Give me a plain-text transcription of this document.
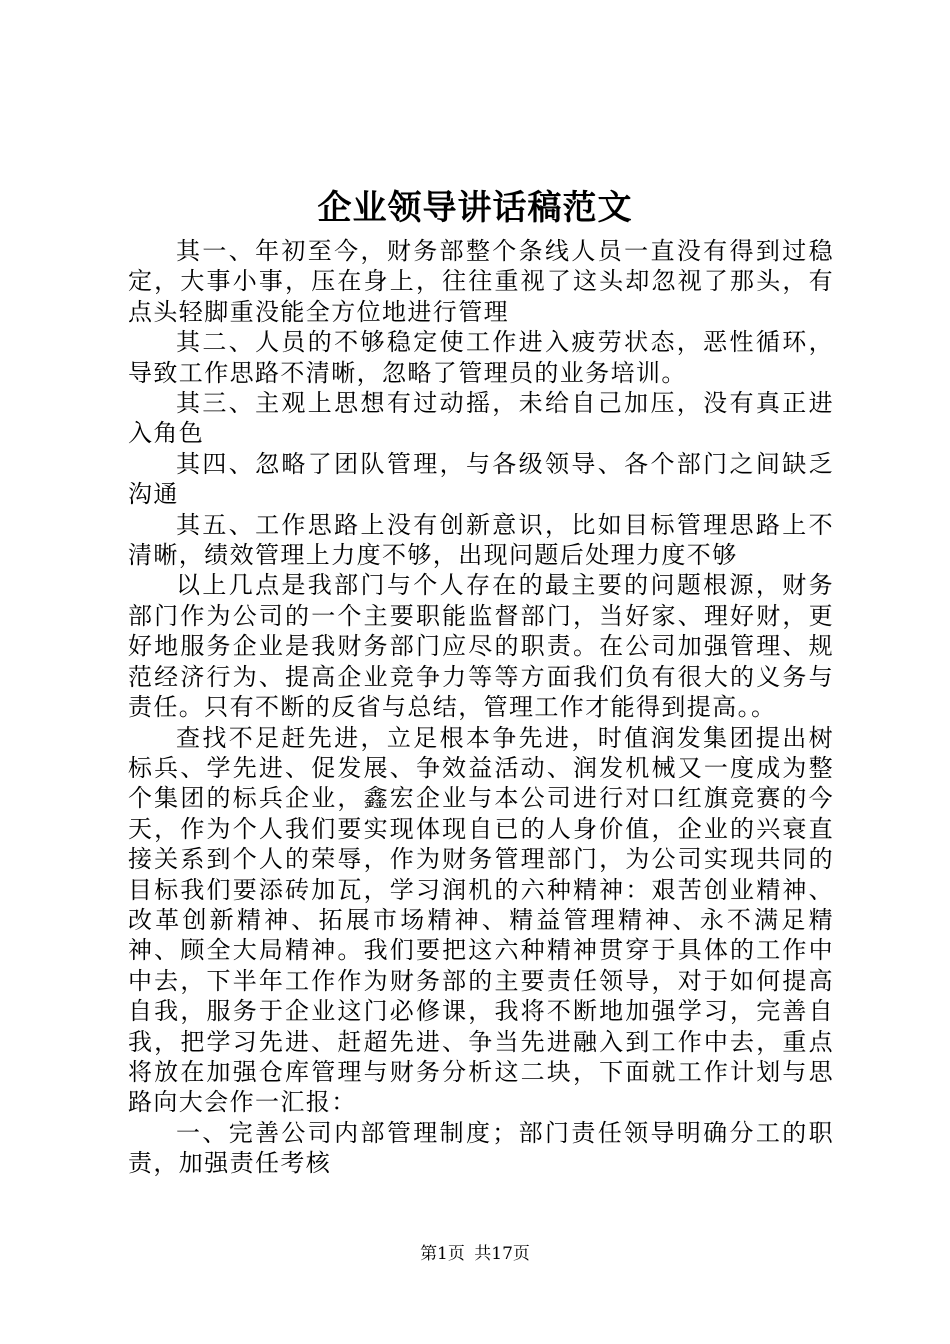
企业领导讲话稿范文

其一、年初至今，财务部整个条线人员一直没有得到过稳定，大事小事，压在身上，往往重视了这头却忽视了那头，有点头轻脚重没能全方位地进行管理

其二、人员的不够稳定使工作进入疲劳状态，恶性循环，导致工作思路不清晰，忽略了管理员的业务培训。

其三、主观上思想有过动摇，未给自己加压，没有真正进入角色

其四、忽略了团队管理，与各级领导、各个部门之间缺乏沟通

其五、工作思路上没有创新意识，比如目标管理思路上不清晰，绩效管理上力度不够，出现问题后处理力度不够

以上几点是我部门与个人存在的最主要的问题根源，财务部门作为公司的一个主要职能监督部门，当好家、理好财，更好地服务企业是我财务部门应尽的职责。在公司加强管理、规范经济行为、提高企业竞争力等等方面我们负有很大的义务与责任。只有不断的反省与总结，管理工作才能得到提高。。

查找不足赶先进，立足根本争先进，时值润发集团提出树标兵、学先进、促发展、争效益活动、润发机械又一度成为整个集团的标兵企业，鑫宏企业与本公司进行对口红旗竞赛的今天，作为个人我们要实现体现自已的人身价值，企业的兴衰直接关系到个人的荣辱，作为财务管理部门，为公司实现共同的目标我们要添砖加瓦，学习润机的六种精神：艰苦创业精神、改革创新精神、拓展市场精神、精益管理精神、永不满足精神、顾全大局精神。我们要把这六种精神贯穿于具体的工作中中去，下半年工作作为财务部的主要责任领导，对于如何提高自我，服务于企业这门必修课，我将不断地加强学习，完善自我，把学习先进、赶超先进、争当先进融入到工作中去，重点将放在加强仓库管理与财务分析这二块，下面就工作计划与思路向大会作一汇报：

一、完善公司内部管理制度；部门责任领导明确分工的职责，加强责任考核

第1页 共17页
